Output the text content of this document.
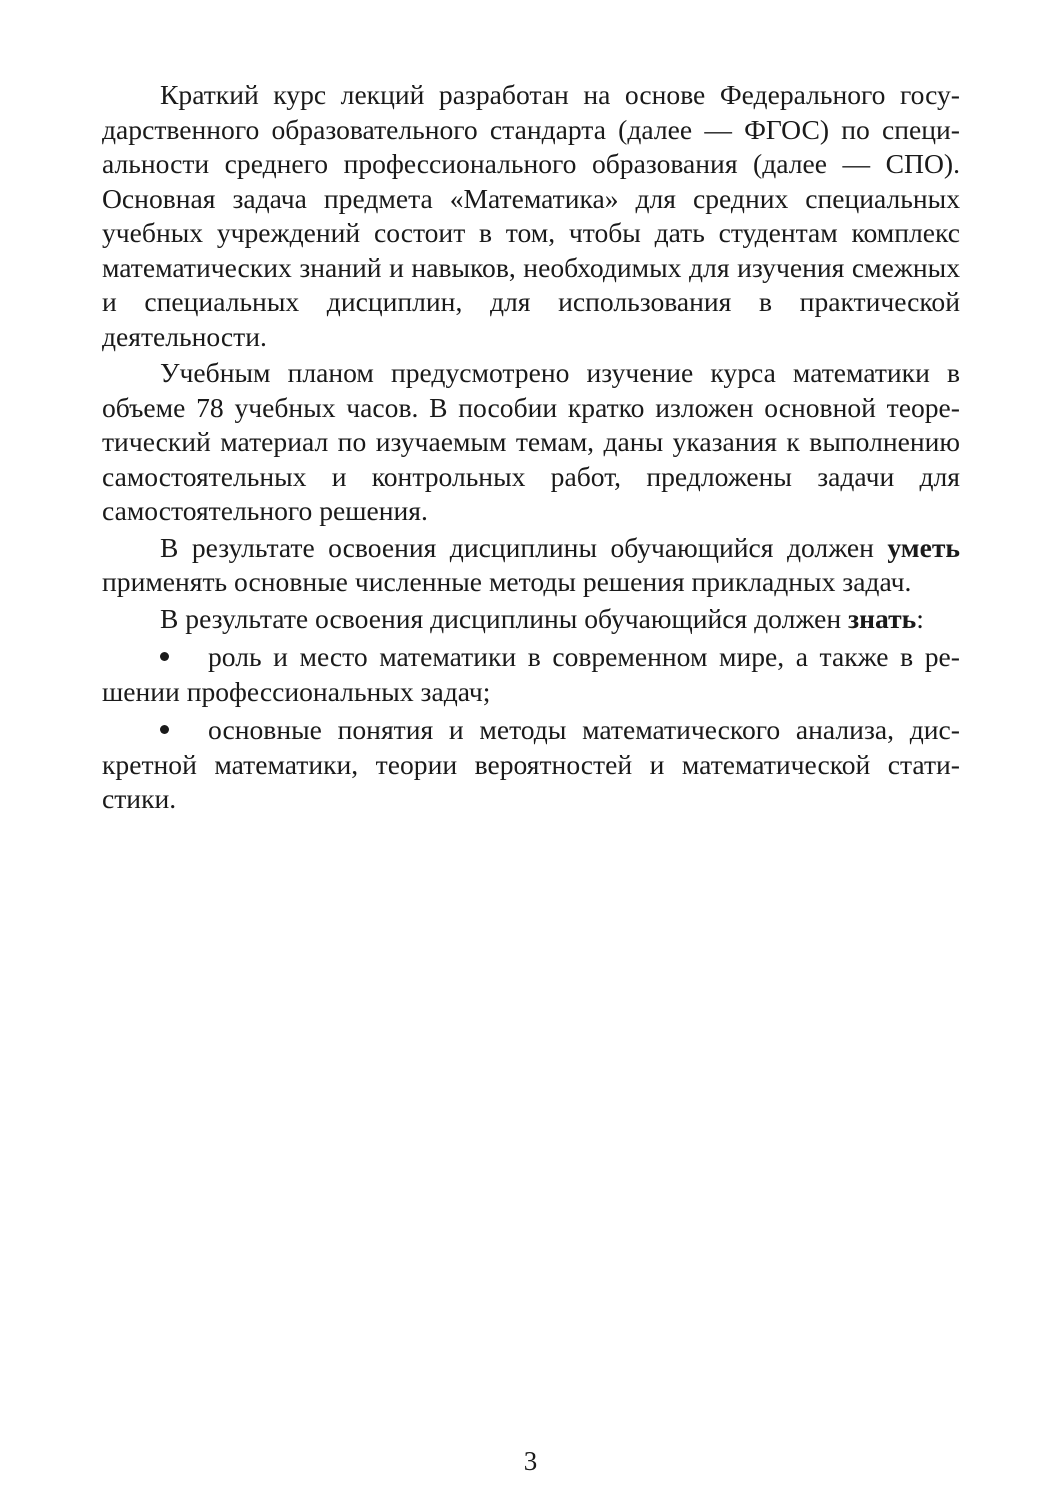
Краткий курс лекций разработан на основе Федерального государственного образовательного стандарта (далее — ФГОС) по специальности среднего профессионального образования (далее — СПО). Основная задача предмета «Математика» для средних специальных учебных учреждений состоит в том, чтобы дать студентам комплекс математических знаний и навыков, необходимых для изучения смежных и специальных дисциплин, для использования в практической деятельности.

Учебным планом предусмотрено изучение курса математики в объеме 78 учебных часов. В пособии кратко изложен основной теоретический материал по изучаемым темам, даны указания к выполнению самостоятельных и контрольных работ, предложены задачи для самостоятельного решения.

В результате освоения дисциплины обучающийся должен уметь применять основные численные методы решения прикладных задач.

В результате освоения дисциплины обучающийся должен знать:

роль и место математики в современном мире, а также в решении профессиональных задач;

основные понятия и методы математического анализа, дискретной математики, теории вероятностей и математической статистики.

3
